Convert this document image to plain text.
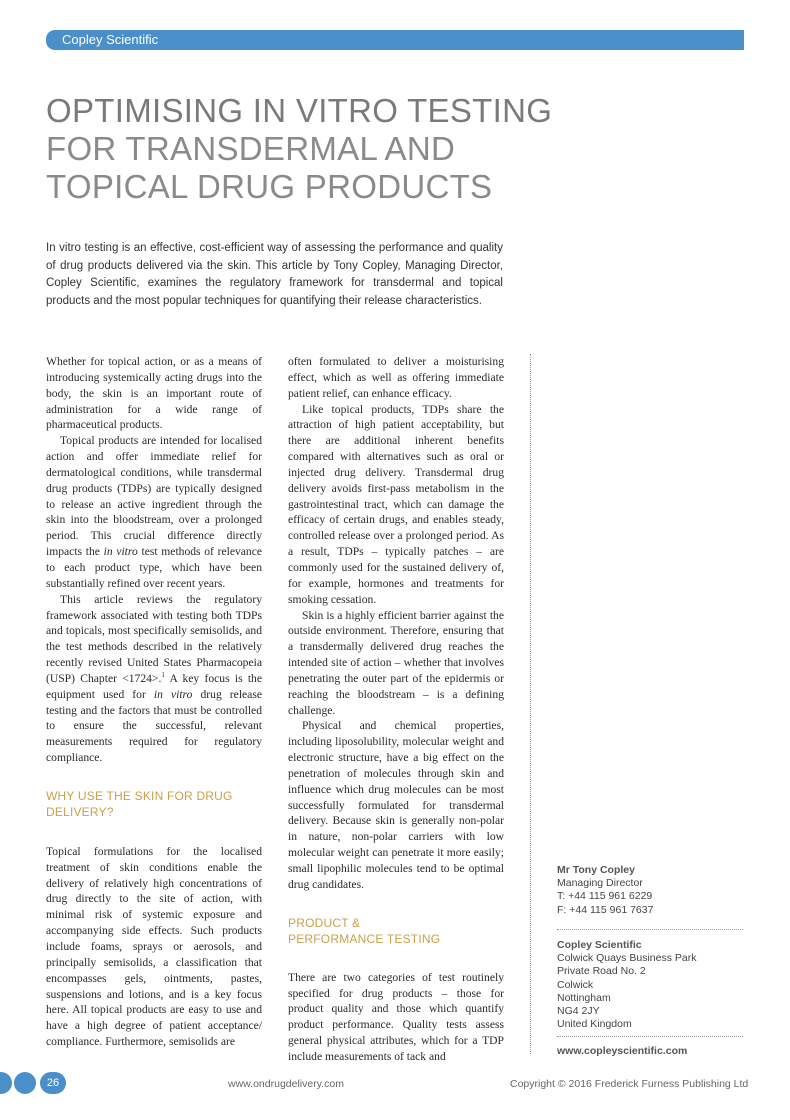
Copley Scientific
OPTIMISING IN VITRO TESTING
FOR TRANSDERMAL AND
TOPICAL DRUG PRODUCTS

In vitro testing is an effective, cost-efficient way of assessing the performance and quality of drug products delivered via the skin. This article by Tony Copley, Managing Director, Copley Scientific, examines the regulatory framework for transdermal and topical products and the most popular techniques for quantifying their release characteristics.

Whether for topical action, or as a means of introducing systemically acting drugs into the body, the skin is an important route of administration for a wide range of pharmaceutical products.

Topical products are intended for localised action and offer immediate relief for dermatological conditions, while transdermal drug products (TDPs) are typically designed to release an active ingredient through the skin into the bloodstream, over a prolonged period. This crucial difference directly impacts the in vitro test methods of relevance to each product type, which have been substantially refined over recent years.

This article reviews the regulatory framework associated with testing both TDPs and topicals, most specifically semisolids, and the test methods described in the relatively recently revised United States Pharmacopeia (USP) Chapter <1724>.$^1$ A key focus is the equipment used for in vitro drug release testing and the factors that must be controlled to ensure the successful, relevant measurements required for regulatory compliance.

WHY USE THE SKIN FOR DRUG DELIVERY?

Topical formulations for the localised treatment of skin conditions enable the delivery of relatively high concentrations of drug directly to the site of action, with minimal risk of systemic exposure and accompanying side effects. Such products include foams, sprays or aerosols, and principally semisolids, a classification that encompasses gels, ointments, pastes, suspensions and lotions, and is a key focus here. All topical products are easy to use and have a high degree of patient acceptance/ compliance. Furthermore, semisolids are

often formulated to deliver a moisturising effect, which as well as offering immediate patient relief, can enhance efficacy.

Like topical products, TDPs share the attraction of high patient acceptability, but there are additional inherent benefits compared with alternatives such as oral or injected drug delivery. Transdermal drug delivery avoids first-pass metabolism in the gastrointestinal tract, which can damage the efficacy of certain drugs, and enables steady, controlled release over a prolonged period. As a result, TDPs – typically patches – are commonly used for the sustained delivery of, for example, hormones and treatments for smoking cessation.

Skin is a highly efficient barrier against the outside environment. Therefore, ensuring that a transdermally delivered drug reaches the intended site of action – whether that involves penetrating the outer part of the epidermis or reaching the bloodstream – is a defining challenge.

Physical and chemical properties, including liposolubility, molecular weight and electronic structure, have a big effect on the penetration of molecules through skin and influence which drug molecules can be most successfully formulated for transdermal delivery. Because skin is generally non-polar in nature, non-polar carriers with low molecular weight can penetrate it more easily; small lipophilic molecules tend to be optimal drug candidates.

PRODUCT &
PERFORMANCE TESTING

There are two categories of test routinely specified for drug products – those for product quality and those which quantify product performance. Quality tests assess general physical attributes, which for a TDP include measurements of tack and

Mr Tony Copley
Managing Director
T: +44 115 961 6229
F: +44 115 961 7637
Copley Scientific
Colwick Quays Business Park
Private Road No. 2
Colwick
Nottingham
NG4 2JY
United Kingdom
www.copleyscientific.com
26	www.ondrugdelivery.com	Copyright © 2016 Frederick Furness Publishing Ltd
